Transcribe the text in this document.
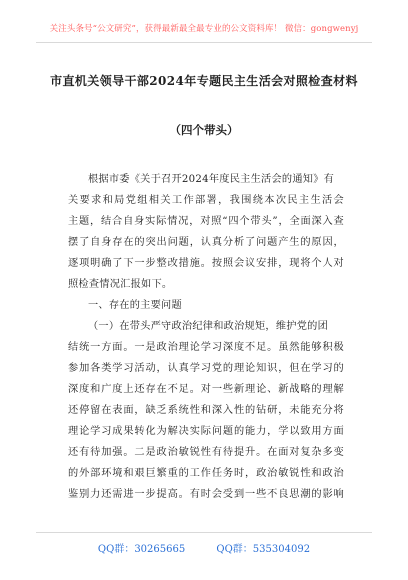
关注头条号“公文研究”，获得最新最全最专业的公文资料库！ 微信：gongwenyj
市直机关领导干部2024年专题民主生活会对照检查材料
（四个带头）
根据市委《关于召开2024年度民主生活会的通知》有
关要求和局党组相关工作部署，我围绕本次民主生活会
主题，结合自身实际情况，对照“四个带头”，全面深入查
摆了自身存在的突出问题，认真分析了问题产生的原因，
逐项明确了下一步整改措施。按照会议安排，现将个人对
照检查情况汇报如下。
一、存在的主要问题
（一）在带头严守政治纪律和政治规矩，维护党的团
结统一方面。一是政治理论学习深度不足。虽然能够积极
参加各类学习活动，认真学习党的理论知识，但在学习的
深度和广度上还存在不足。对一些新理论、新战略的理解
还停留在表面，缺乏系统性和深入性的钻研，未能充分将
理论学习成果转化为解决实际问题的能力，学以致用方面
还有待加强。二是政治敏锐性有待提升。在面对复杂多变
的外部环境和艰巨繁重的工作任务时，政治敏锐性和政治
鉴别力还需进一步提高。有时会受到一些不良思潮的影响
QQ群：30265665	QQ群：535304092
